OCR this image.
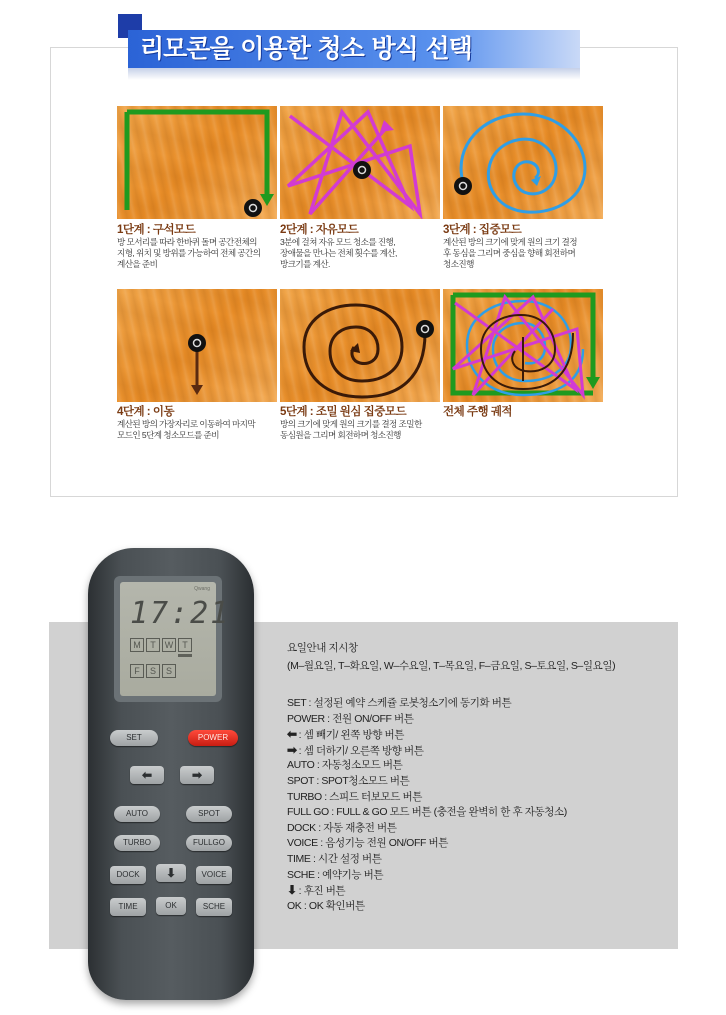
리모콘을 이용한 청소 방식 선택
1단계 : 구석모드
방 모서리를 따라 한바퀴 돌며 공간전체의
지형, 위치 및 방위를 가능하여 전체 공간의
계산을 준비
2단계 : 자유모드
3분에 걸쳐 자유 모드 청소를 진행,
장애물을 만나는 전체 횟수를 계산,
방크기를 계산.
3단계 : 집중모드
계산된 방의 크기에 맞게 원의 크기 결정
후 동심을 그리며 중심을 향해 회전하며
청소진행
4단계 : 이동
계산된 방의 가장자리로 이동하여 마지막
모드인 5단계 청소모드를 준비
5단계 : 조밀 원심 집중모드
방의 크기에 맞게 원의 크기를 결정 조밀한
동심원을 그리며 회전하며 청소진행
전체 주행 궤적
요일안내 지시창
(M–월요일, T–화요일, W–수요일, T–목요일, F–금요일, S–토요일, S–일요일)
SET : 설정된 예약 스케쥴 로봇청소기에 동기화 버튼
POWER : 전원 ON/OFF 버튼
⬅ : 셈 빼기/ 왼쪽 방향 버튼
➡ : 셈 더하기/ 오른쪽 방향 버튼
AUTO : 자동청소모드 버튼
SPOT : SPOT청소모드 버튼
TURBO : 스피드 터보모드 버튼
FULL GO : FULL & GO 모드 버튼 (충전을 완벽히 한 후 자동청소)
DOCK : 자동 재충전 버튼
VOICE : 음성기능 전원 ON/OFF 버튼
TIME : 시간 설정 버튼
SCHE : 예약기능 버튼
⬇ : 후진 버튼
OK : OK 확인버튼
Qwang
17:21
M	T	W	T
F	S	S
SET	POWER
⬅	➡
AUTO	SPOT
TURBO	FULLGO
DOCK	⬇	VOICE
TIME	OK	SCHE
